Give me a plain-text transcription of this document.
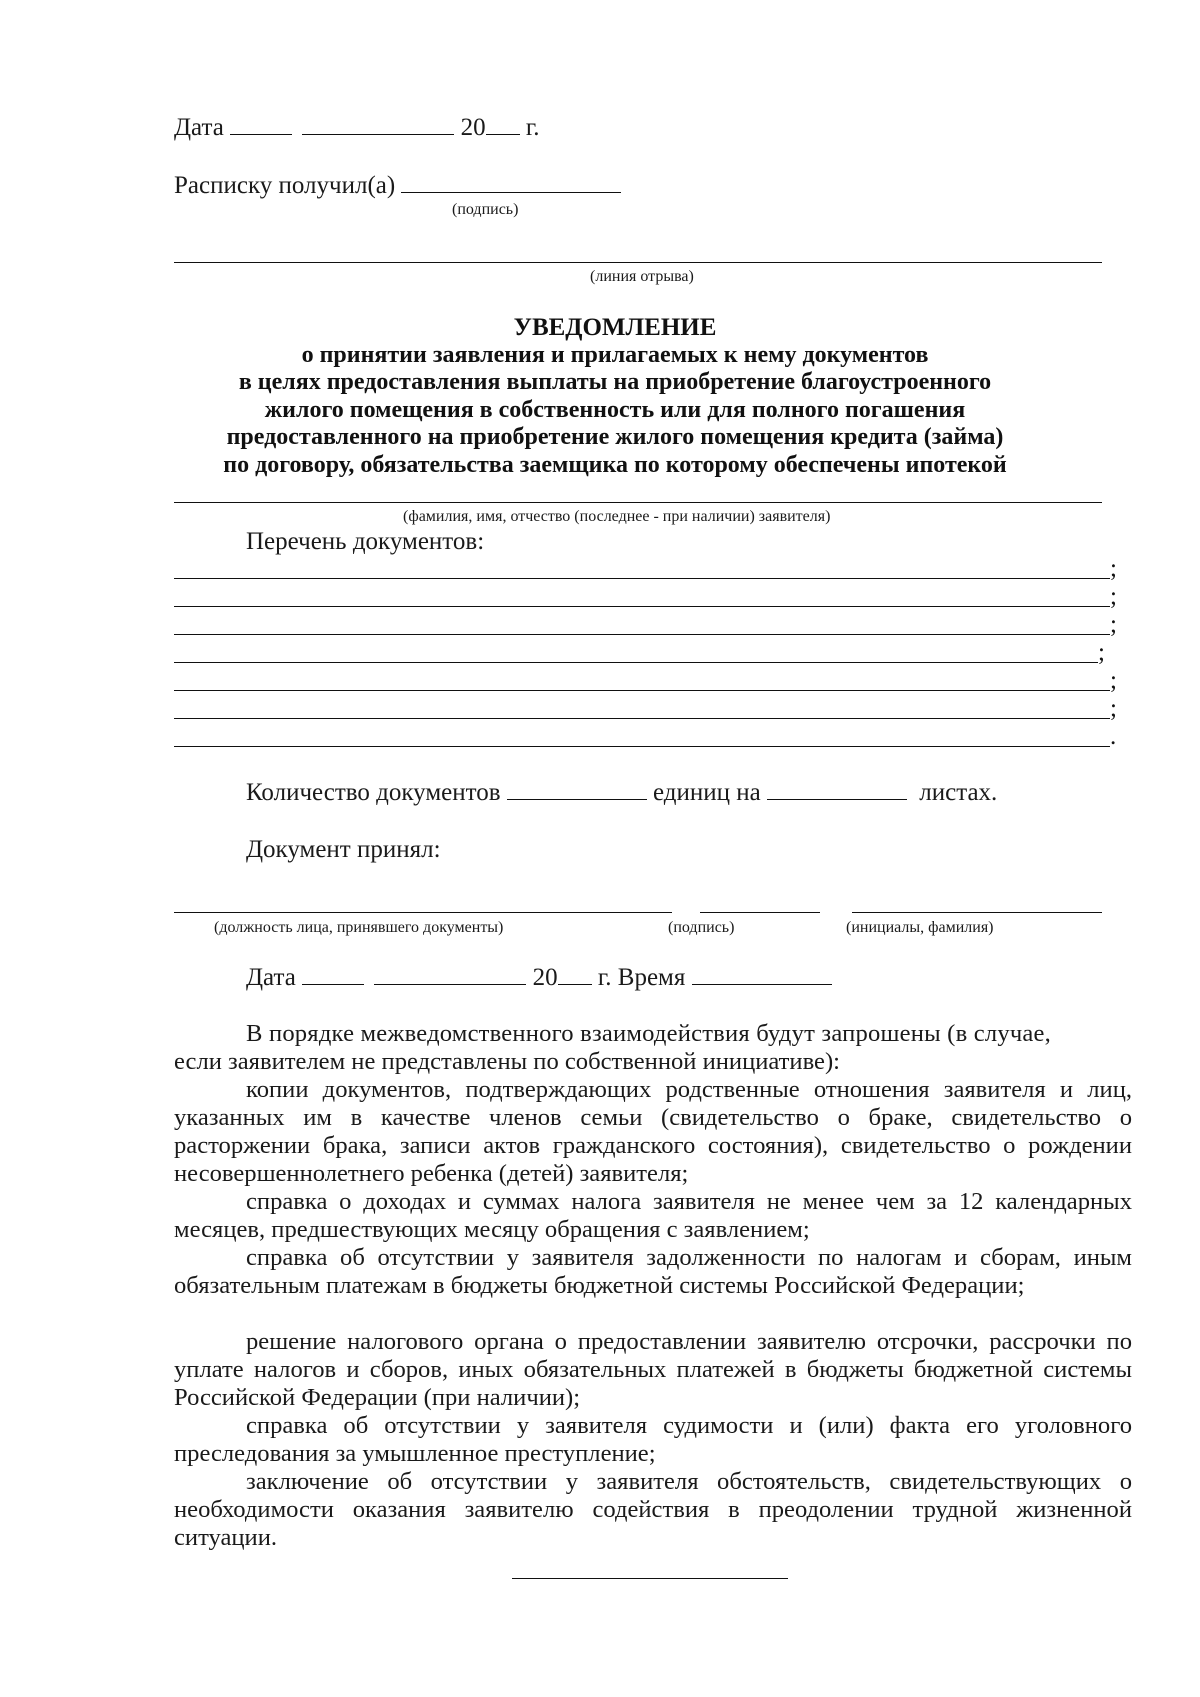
Дата	20 г.
Расписку получил(а)
(подпись)
(линия отрыва)
УВЕДОМЛЕНИЕ
о принятии заявления и прилагаемых к нему документов
в целях предоставления выплаты на приобретение благоустроенного
жилого помещения в собственность или для полного погашения
предоставленного на приобретение жилого помещения кредита (займа)
по договору, обязательства заемщика по которому обеспечены ипотекой
(фамилия, имя, отчество (последнее - при наличии) заявителя)
Перечень документов:
;
;
;
;
;
;
.
Количество документов	единиц на	листах.
Документ принял:
(должность лица, принявшего документы)	(подпись)	(инициалы, фамилия)
Дата	20 г. Время
В порядке межведомственного взаимодействия будут запрошены (в случае,
если заявителем не представлены по собственной инициативе):
копии документов, подтверждающих родственные отношения заявителя и лиц, указанных им в качестве членов семьи (свидетельство о браке, свидетельство о расторжении брака, записи актов гражданского состояния), свидетельство о рождении несовершеннолетнего ребенка (детей) заявителя;
справка о доходах и суммах налога заявителя не менее чем за 12 календарных месяцев, предшествующих месяцу обращения с заявлением;
справка об отсутствии у заявителя задолженности по налогам и сборам, иным обязательным платежам в бюджеты бюджетной системы Российской Федерации;
решение налогового органа о предоставлении заявителю отсрочки, рассрочки по уплате налогов и сборов, иных обязательных платежей в бюджеты бюджетной системы Российской Федерации (при наличии);
справка об отсутствии у заявителя судимости и (или) факта его уголовного преследования за умышленное преступление;
заключение об отсутствии у заявителя обстоятельств, свидетельствующих о необходимости оказания заявителю содействия в преодолении трудной жизненной ситуации.
